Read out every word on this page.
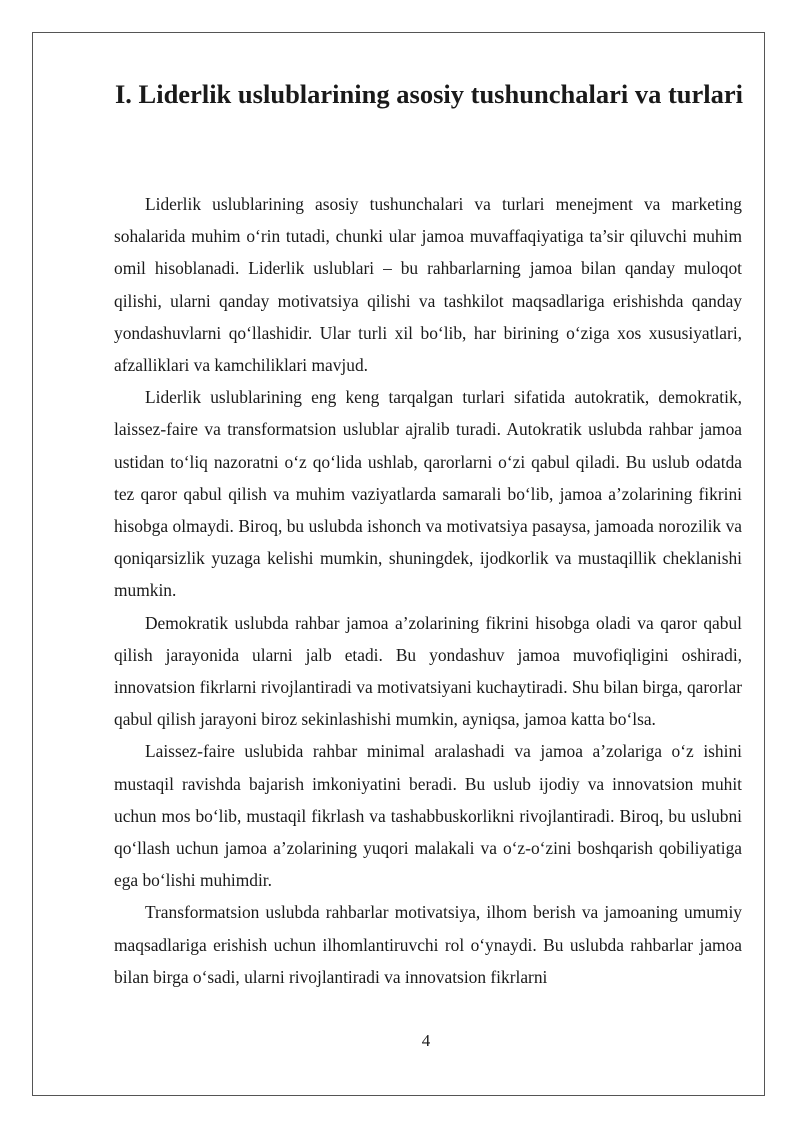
I. Liderlik uslublarining asosiy tushunchalari va turlari

Liderlik uslublarining asosiy tushunchalari va turlari menejment va marketing sohalarida muhim o‘rin tutadi, chunki ular jamoa muvaffaqiyatiga ta’sir qiluvchi muhim omil hisoblanadi. Liderlik uslublari – bu rahbarlarning jamoa bilan qanday muloqot qilishi, ularni qanday motivatsiya qilishi va tashkilot maqsadlariga erishishda qanday yondashuvlarni qo‘llashidir. Ular turli xil bo‘lib, har birining o‘ziga xos xususiyatlari, afzalliklari va kamchiliklari mavjud.

Liderlik uslublarining eng keng tarqalgan turlari sifatida autokratik, demokratik, laissez-faire va transformatsion uslublar ajralib turadi. Autokratik uslubda rahbar jamoa ustidan to‘liq nazoratni o‘z qo‘lida ushlab, qarorlarni o‘zi qabul qiladi. Bu uslub odatda tez qaror qabul qilish va muhim vaziyatlarda samarali bo‘lib, jamoa a’zolarining fikrini hisobga olmaydi. Biroq, bu uslubda ishonch va motivatsiya pasaysa, jamoada norozilik va qoniqarsizlik yuzaga kelishi mumkin, shuningdek, ijodkorlik va mustaqillik cheklanishi mumkin.

Demokratik uslubda rahbar jamoa a’zolarining fikrini hisobga oladi va qaror qabul qilish jarayonida ularni jalb etadi. Bu yondashuv jamoa muvofiqligini oshiradi, innovatsion fikrlarni rivojlantiradi va motivatsiyani kuchaytiradi. Shu bilan birga, qarorlar qabul qilish jarayoni biroz sekinlashishi mumkin, ayniqsa, jamoa katta bo‘lsa.

Laissez-faire uslubida rahbar minimal aralashadi va jamoa a’zolariga o‘z ishini mustaqil ravishda bajarish imkoniyatini beradi. Bu uslub ijodiy va innovatsion muhit uchun mos bo‘lib, mustaqil fikrlash va tashabbuskorlikni rivojlantiradi. Biroq, bu uslubni qo‘llash uchun jamoa a’zolarining yuqori malakali va o‘z-o‘zini boshqarish qobiliyatiga ega bo‘lishi muhimdir.

Transformatsion uslubda rahbarlar motivatsiya, ilhom berish va jamoaning umumiy maqsadlariga erishish uchun ilhomlantiruvchi rol o‘ynaydi. Bu uslubda rahbarlar jamoa bilan birga o‘sadi, ularni rivojlantiradi va innovatsion fikrlarni

4
